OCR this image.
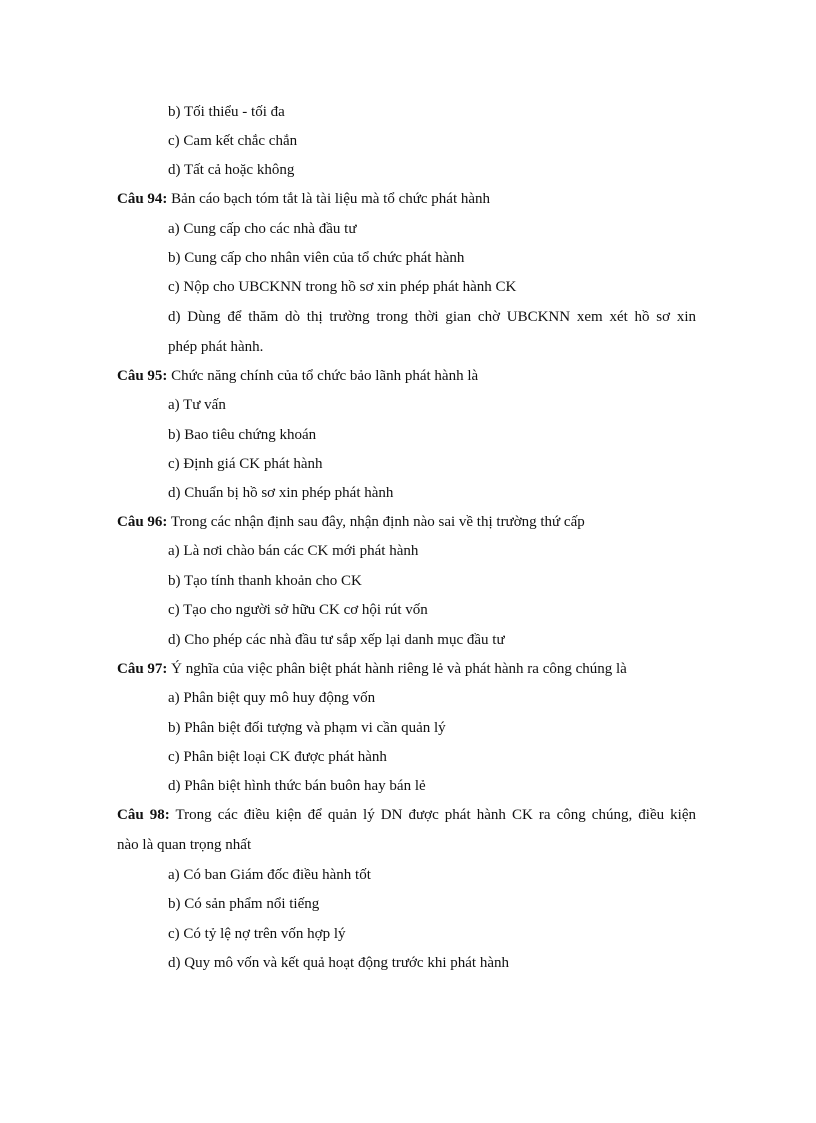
b) Tối thiểu - tối đa
c) Cam kết chắc chắn
d) Tất cả hoặc không
Câu 94: Bản cáo bạch tóm tắt là tài liệu mà tổ chức phát hành
a) Cung cấp cho các nhà đầu tư
b) Cung cấp cho nhân viên của tổ chức phát hành
c) Nộp cho UBCKNN trong hồ sơ xin phép phát hành CK
d) Dùng để thăm dò thị trường trong thời gian chờ UBCKNN xem xét hồ sơ xin
phép phát hành.
Câu 95: Chức năng chính của tổ chức bảo lãnh phát hành là
a) Tư vấn
b) Bao tiêu chứng khoán
c) Định giá CK phát hành
d) Chuẩn bị hồ sơ xin phép phát hành
Câu 96: Trong các nhận định sau đây, nhận định nào sai về thị trường thứ cấp
a) Là nơi chào bán các CK mới phát hành
b) Tạo tính thanh khoản cho CK
c) Tạo cho người sở hữu CK cơ hội rút vốn
d) Cho phép các nhà đầu tư sắp xếp lại danh mục đầu tư
Câu 97: Ý nghĩa của việc phân biệt phát hành riêng lẻ và phát hành ra công chúng là
a) Phân biệt quy mô huy động vốn
b) Phân biệt đối tượng và phạm vi cần quản lý
c) Phân biệt loại CK được phát hành
d) Phân biệt hình thức bán buôn hay bán lẻ
Câu 98: Trong các điều kiện để quản lý DN được phát hành CK ra công chúng, điều kiện
nào là quan trọng nhất
a) Có ban Giám đốc điều hành tốt
b) Có sản phẩm nổi tiếng
c) Có tỷ lệ nợ trên vốn hợp lý
d) Quy mô vốn và kết quả hoạt động trước khi phát hành
